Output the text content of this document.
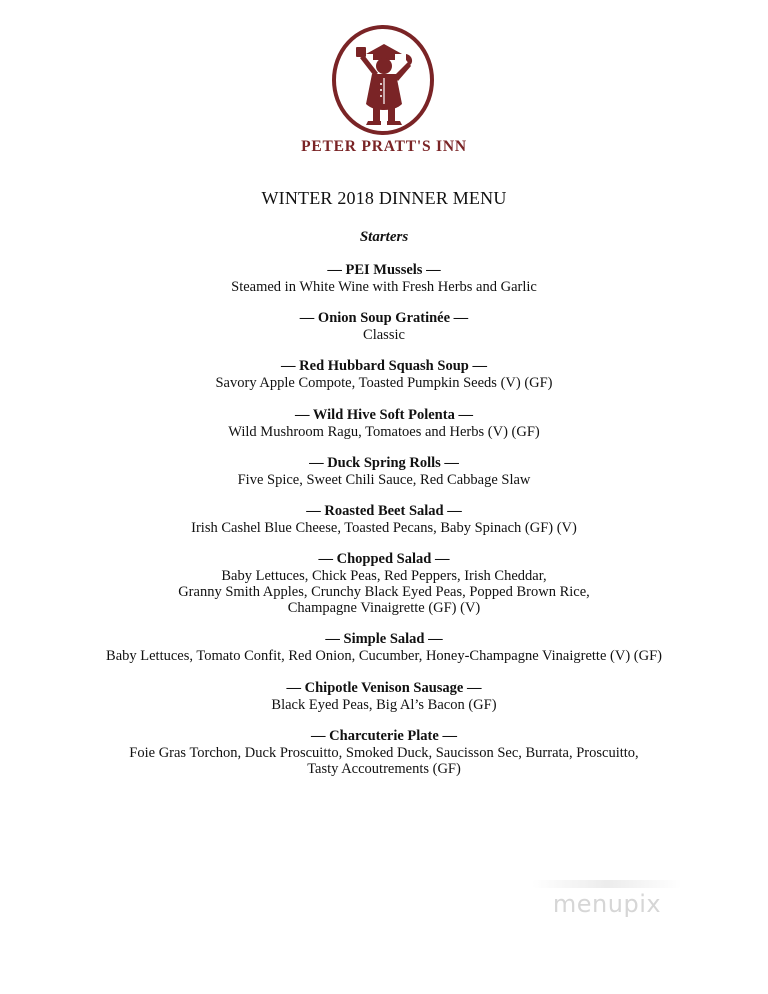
PETER PRATT'S INN
WINTER 2018 DINNER MENU
Starters
— PEI Mussels —
Steamed in White Wine with Fresh Herbs and Garlic
— Onion Soup Gratinée —
Classic
— Red Hubbard Squash Soup —
Savory Apple Compote, Toasted Pumpkin Seeds (V) (GF)
— Wild Hive Soft Polenta —
Wild Mushroom Ragu, Tomatoes and Herbs (V) (GF)
— Duck Spring Rolls —
Five Spice, Sweet Chili Sauce, Red Cabbage Slaw
— Roasted Beet Salad —
Irish Cashel Blue Cheese, Toasted Pecans, Baby Spinach (GF) (V)
— Chopped Salad —
Baby Lettuces, Chick Peas, Red Peppers, Irish Cheddar,
Granny Smith Apples, Crunchy Black Eyed Peas, Popped Brown Rice,
Champagne Vinaigrette (GF) (V)
— Simple Salad —
Baby Lettuces, Tomato Confit, Red Onion, Cucumber, Honey-Champagne Vinaigrette (V) (GF)
— Chipotle Venison Sausage —
Black Eyed Peas, Big Al’s Bacon (GF)
— Charcuterie Plate —
Foie Gras Torchon, Duck Proscuitto, Smoked Duck, Saucisson Sec, Burrata, Proscuitto,
Tasty Accoutrements (GF)
menupix
